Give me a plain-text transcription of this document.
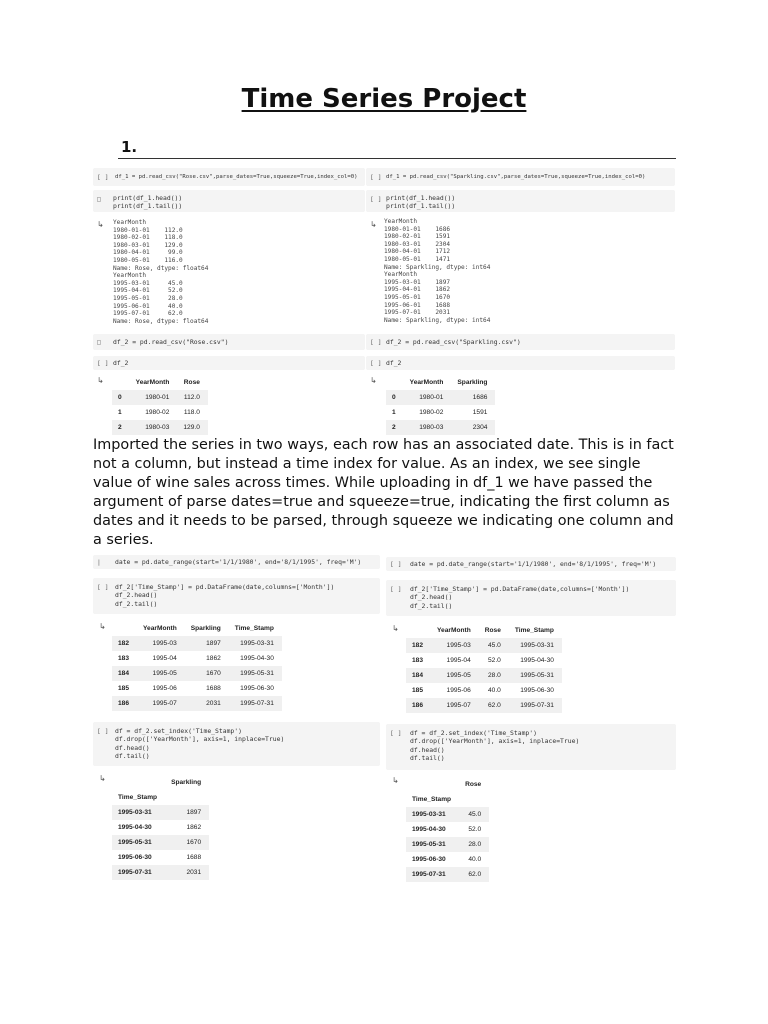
Time Series Project
1.
[ ] df_1 = pd.read_csv("Rose.csv",parse_dates=True,squeeze=True,index_col=0)
□ print(df_1.head())
print(df_1.tail())
↳ YearMonth
1980-01-01    112.0
1980-02-01    118.0
1980-03-01    129.0
1980-04-01     99.0
1980-05-01    116.0
Name: Rose, dtype: float64
YearMonth
1995-03-01     45.0
1995-04-01     52.0
1995-05-01     28.0
1995-06-01     40.0
1995-07-01     62.0
Name: Rose, dtype: float64
□ df_2 = pd.read_csv("Rose.csv")
[ ] df_2
↳
		YearMonth	Rose
0	1980-01	112.0
1	1980-02	118.0
2	1980-03	129.0
[ ] df_1 = pd.read_csv("Sparkling.csv",parse_dates=True,squeeze=True,index_col=0)
[ ] print(df_1.head())
print(df_1.tail())
↳ YearMonth
1980-01-01    1686
1980-02-01    1591
1980-03-01    2304
1980-04-01    1712
1980-05-01    1471
Name: Sparkling, dtype: int64
YearMonth
1995-03-01    1897
1995-04-01    1862
1995-05-01    1670
1995-06-01    1688
1995-07-01    2031
Name: Sparkling, dtype: int64
[ ] df_2 = pd.read_csv("Sparkling.csv")
[ ] df_2
↳
		YearMonth	Sparkling
0	1980-01	1686
1	1980-02	1591
2	1980-03	2304
Imported the series in two ways, each row has an associated date. This is in fact not a column, but instead a time index for value. As an index, we see single value of wine sales across times. While uploading in df_1 we have passed the argument of parse dates=true and squeeze=true, indicating the first column as dates and it needs to be parsed, through squeeze we indicating one column and a series.
| date = pd.date_range(start='1/1/1980', end='8/1/1995', freq='M')
[ ] df_2['Time_Stamp'] = pd.DataFrame(date,columns=['Month'])
df_2.head()
df_2.tail()
↳
		YearMonth	Sparkling	Time_Stamp
182	1995-03	1897	1995-03-31
183	1995-04	1862	1995-04-30
184	1995-05	1670	1995-05-31
185	1995-06	1688	1995-06-30
186	1995-07	2031	1995-07-31
[ ] df = df_2.set_index('Time_Stamp')
df.drop(['YearMonth'], axis=1, inplace=True)
df.head()
df.tail()
↳
		Sparkling
Time_Stamp	
1995-03-31	1897
1995-04-30	1862
1995-05-31	1670
1995-06-30	1688
1995-07-31	2031
[ ] date = pd.date_range(start='1/1/1980', end='8/1/1995', freq='M')
[ ] df_2['Time_Stamp'] = pd.DataFrame(date,columns=['Month'])
df_2.head()
df_2.tail()
↳
		YearMonth	Rose	Time_Stamp
182	1995-03	45.0	1995-03-31
183	1995-04	52.0	1995-04-30
184	1995-05	28.0	1995-05-31
185	1995-06	40.0	1995-06-30
186	1995-07	62.0	1995-07-31
[ ] df = df_2.set_index('Time_Stamp')
df.drop(['YearMonth'], axis=1, inplace=True)
df.head()
df.tail()
↳
		Rose
Time_Stamp	
1995-03-31	45.0
1995-04-30	52.0
1995-05-31	28.0
1995-06-30	40.0
1995-07-31	62.0
